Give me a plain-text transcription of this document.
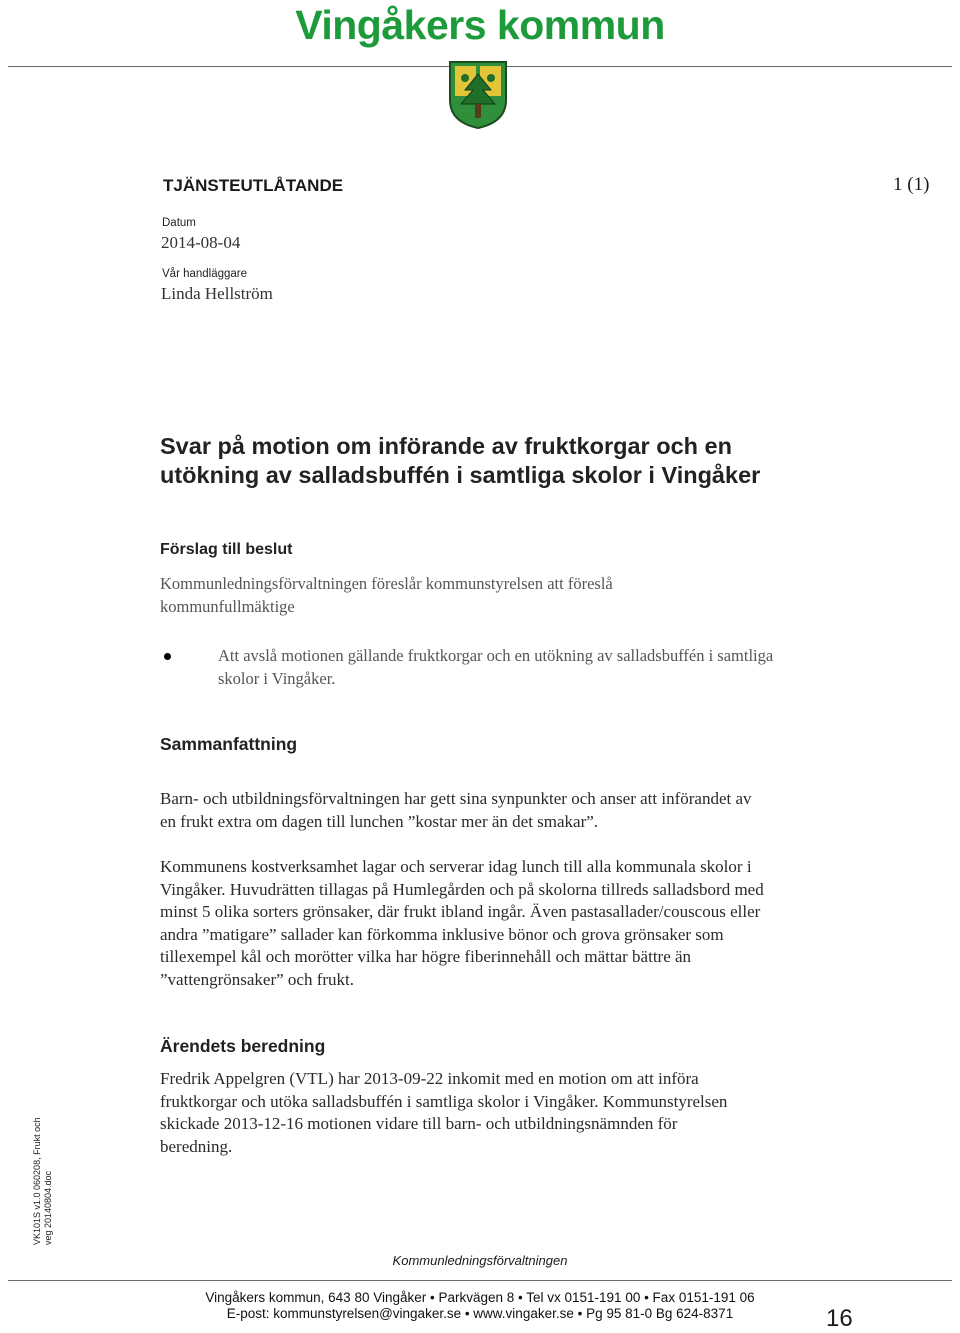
Vingåkers kommun
TJÄNSTEUTLÅTANDE	1 (1)
Datum
2014-08-04
Vår handläggare
Linda Hellström
Svar på motion om införande av fruktkorgar och en utökning av salladsbuffén i samtliga skolor i Vingåker
Förslag till beslut
Kommunledningsförvaltningen föreslår kommunstyrelsen att föreslå kommunfullmäktige
Att avslå motionen gällande fruktkorgar och en utökning av salladsbuffén i samtliga skolor i Vingåker.
Sammanfattning
Barn- och utbildningsförvaltningen har gett sina synpunkter och anser att införandet av en frukt extra om dagen till lunchen ”kostar mer än det smakar”.
Kommunens kostverksamhet lagar och serverar idag lunch till alla kommunala skolor i Vingåker. Huvudrätten tillagas på Humlegården och på skolorna tillreds salladsbord med minst 5 olika sorters grönsaker, där frukt ibland ingår. Även pastasallader/couscous eller andra ”matigare” sallader kan förkomma inklusive bönor och grova grönsaker som tillexempel kål och morötter vilka har högre fiberinnehåll och mättar bättre än ”vattengrönsaker” och frukt.
Ärendets beredning
Fredrik Appelgren (VTL) har 2013-09-22 inkomit med en motion om att införa fruktkorgar och utöka salladsbuffén i samtliga skolor i Vingåker. Kommunstyrelsen skickade 2013-12-16 motionen vidare till barn- och utbildningsnämnden för beredning.
VK101S v1.0 060208, Frukt och veg 20140804.doc
Kommunledningsförvaltningen
Vingåkers kommun, 643 80 Vingåker • Parkvägen 8 • Tel vx 0151-191 00 • Fax 0151-191 06
E-post: kommunstyrelsen@vingaker.se • www.vingaker.se • Pg 95 81-0 Bg 624-8371	16
